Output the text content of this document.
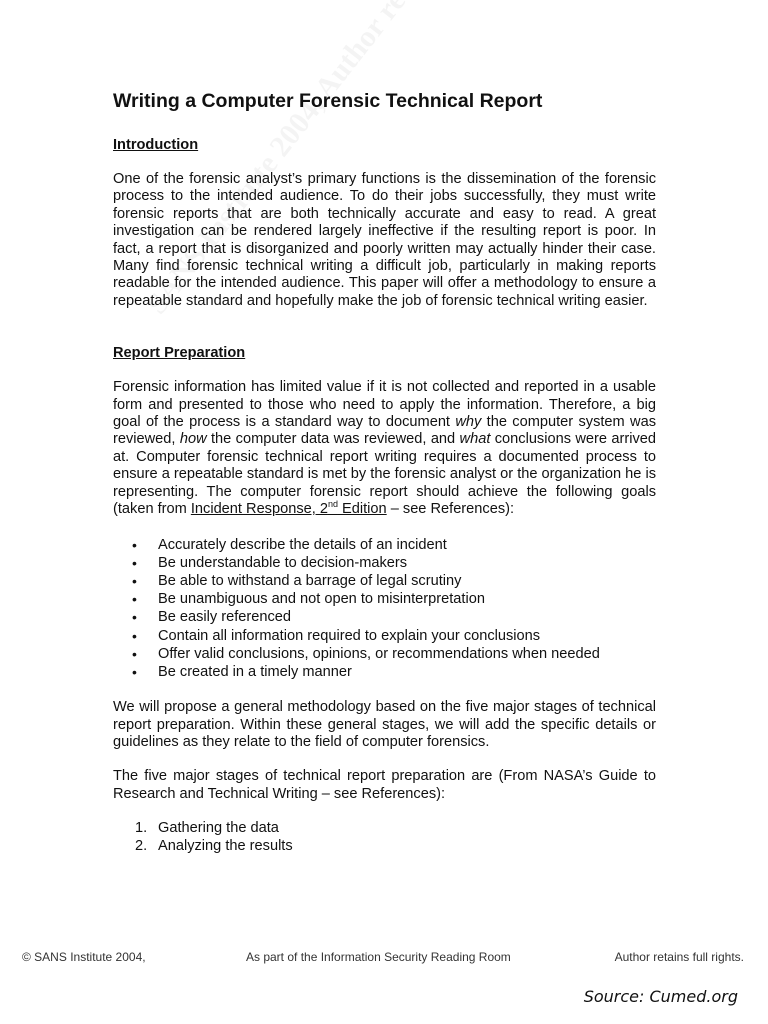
Writing a Computer Forensic Technical Report
Introduction

One of the forensic analyst’s primary functions is the dissemination of the forensic process to the intended audience. To do their jobs successfully, they must write forensic reports that are both technically accurate and easy to read. A great investigation can be rendered largely ineffective if the resulting report is poor. In fact, a report that is disorganized and poorly written may actually hinder their case. Many find forensic technical writing a difficult job, particularly in making reports readable for the intended audience. This paper will offer a methodology to ensure a repeatable standard and hopefully make the job of forensic technical writing easier.

Report Preparation

Forensic information has limited value if it is not collected and reported in a usable form and presented to those who need to apply the information. Therefore, a big goal of the process is a standard way to document why the computer system was reviewed, how the computer data was reviewed, and what conclusions were arrived at. Computer forensic technical report writing requires a documented process to ensure a repeatable standard is met by the forensic analyst or the organization he is representing. The computer forensic report should achieve the following goals (taken from Incident Response, 2nd Edition – see References):

• Accurately describe the details of an incident
• Be understandable to decision-makers
• Be able to withstand a barrage of legal scrutiny
• Be unambiguous and not open to misinterpretation
• Be easily referenced
• Contain all information required to explain your conclusions
• Offer valid conclusions, opinions, or recommendations when needed
• Be created in a timely manner

We will propose a general methodology based on the five major stages of technical report preparation. Within these general stages, we will add the specific details or guidelines as they relate to the field of computer forensics.

The five major stages of technical report preparation are (From NASA’s Guide to Research and Technical Writing – see References):

1. Gathering the data
2. Analyzing the results
© SANS Institute 2004,	As part of the Information Security Reading Room	Author retains full rights.
Source: Cumed.org
